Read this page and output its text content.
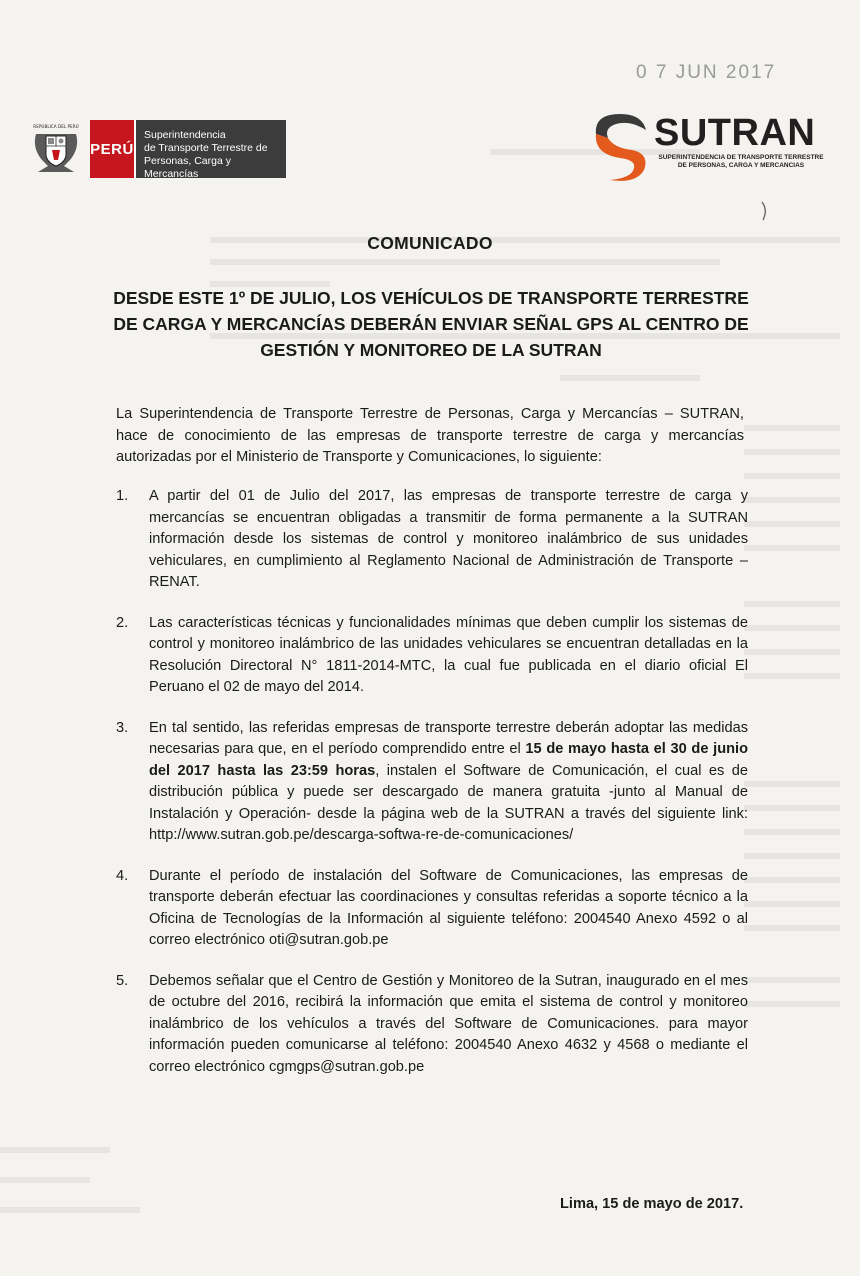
0 7 JUN 2017
REPÚBLICA DEL PERÚ
PERÚ
Superintendencia
de Transporte Terrestre de
Personas, Carga y Mercancías
SUTRAN
SUPERINTENDENCIA DE TRANSPORTE TERRESTRE DE PERSONAS, CARGA Y MERCANCIAS
COMUNICADO
DESDE ESTE 1º DE JULIO, LOS VEHÍCULOS DE TRANSPORTE TERRESTRE DE CARGA Y MERCANCÍAS DEBERÁN ENVIAR SEÑAL GPS AL CENTRO DE GESTIÓN Y MONITOREO DE LA SUTRAN
La Superintendencia de Transporte Terrestre de Personas, Carga y Mercancías – SUTRAN, hace de conocimiento de las empresas de transporte terrestre de carga y mercancías autorizadas por el Ministerio de Transporte y Comunicaciones, lo siguiente:
1.	A partir del 01 de Julio del 2017, las empresas de transporte terrestre de carga y mercancías se encuentran obligadas a transmitir de forma permanente a la SUTRAN información desde los sistemas de control y monitoreo inalámbrico de sus unidades vehiculares, en cumplimiento al Reglamento Nacional de Administración de Transporte – RENAT.
2.	Las características técnicas y funcionalidades mínimas que deben cumplir los sistemas de control y monitoreo inalámbrico de las unidades vehiculares se encuentran detalladas en la Resolución Directoral N° 1811-2014-MTC, la cual fue publicada en el diario oficial El Peruano el 02 de mayo del 2014.
3.	En tal sentido, las referidas empresas de transporte terrestre deberán adoptar las medidas necesarias para que, en el período comprendido entre el 15 de mayo hasta el 30 de junio del 2017 hasta las 23:59 horas, instalen el Software de Comunicación, el cual es de distribución pública y puede ser descargado de manera gratuita -junto al Manual de Instalación y Operación- desde la página web de la SUTRAN a través del siguiente link: http://www.sutran.gob.pe/descarga-softwa-re-de-comunicaciones/
4.	Durante el período de instalación del Software de Comunicaciones, las empresas de transporte deberán efectuar las coordinaciones y consultas referidas a soporte técnico a la Oficina de Tecnologías de la Información al siguiente teléfono: 2004540 Anexo 4592 o al correo electrónico oti@sutran.gob.pe
5.	Debemos señalar que el Centro de Gestión y Monitoreo de la Sutran, inaugurado en el mes de octubre del 2016, recibirá la información que emita el sistema de control y monitoreo inalámbrico de los vehículos a través del Software de Comunicaciones. para mayor información pueden comunicarse al teléfono: 2004540 Anexo 4632 y 4568 o mediante el correo electrónico cgmgps@sutran.gob.pe
Lima, 15 de mayo de 2017.
